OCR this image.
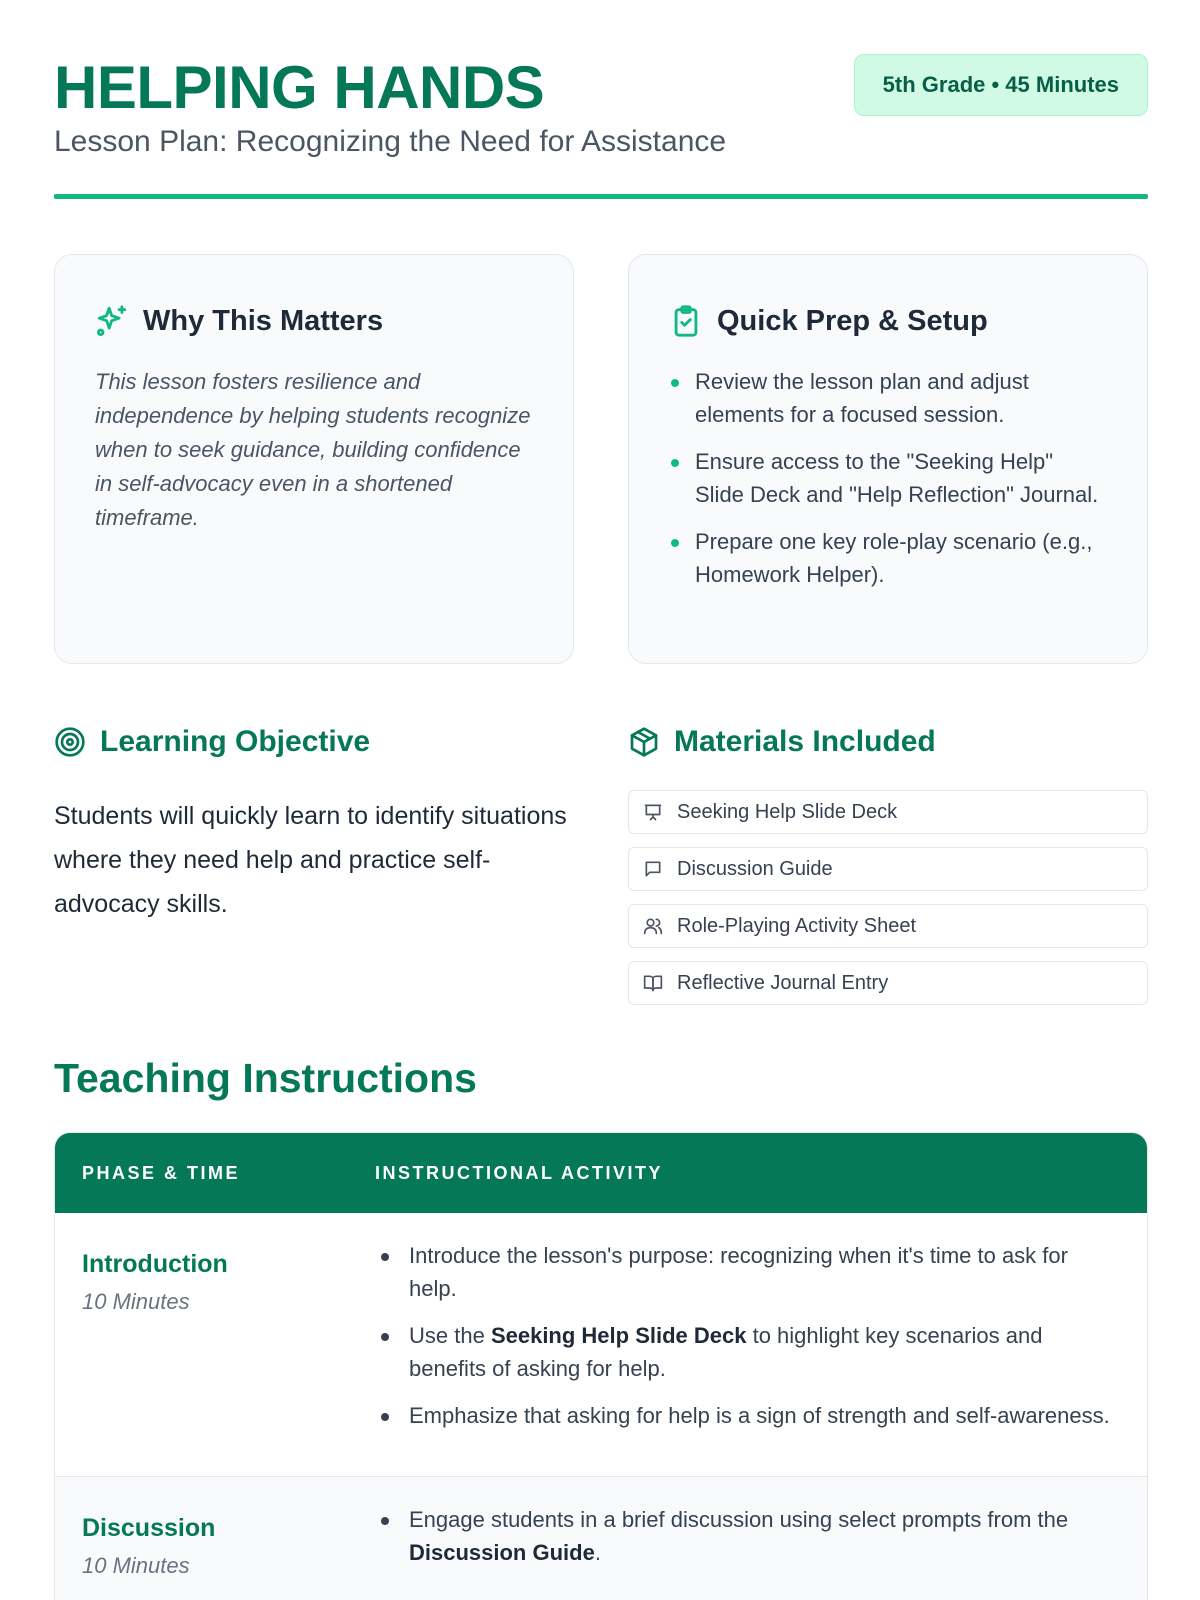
HELPING HANDS
Lesson Plan: Recognizing the Need for Assistance
5th Grade • 45 Minutes
Why This Matters

This lesson fosters resilience and independence by helping students recognize when to seek guidance, building confidence in self-advocacy even in a shortened timeframe.

Quick Prep & Setup
Review the lesson plan and adjust elements for a focused session.
Ensure access to the "Seeking Help" Slide Deck and "Help Reflection" Journal.
Prepare one key role-play scenario (e.g., Homework Helper).
Learning Objective

Students will quickly learn to identify situations where they need help and practice self-advocacy skills.

Materials Included
Seeking Help Slide Deck
Discussion Guide
Role-Playing Activity Sheet
Reflective Journal Entry
Teaching Instructions
PHASE & TIME	INSTRUCTIONAL ACTIVITY
Introduction
10 Minutes
Introduce the lesson's purpose: recognizing when it's time to ask for help.
Use the Seeking Help Slide Deck to highlight key scenarios and benefits of asking for help.
Emphasize that asking for help is a sign of strength and self-awareness.
Discussion
10 Minutes
Engage students in a brief discussion using select prompts from the Discussion Guide.
